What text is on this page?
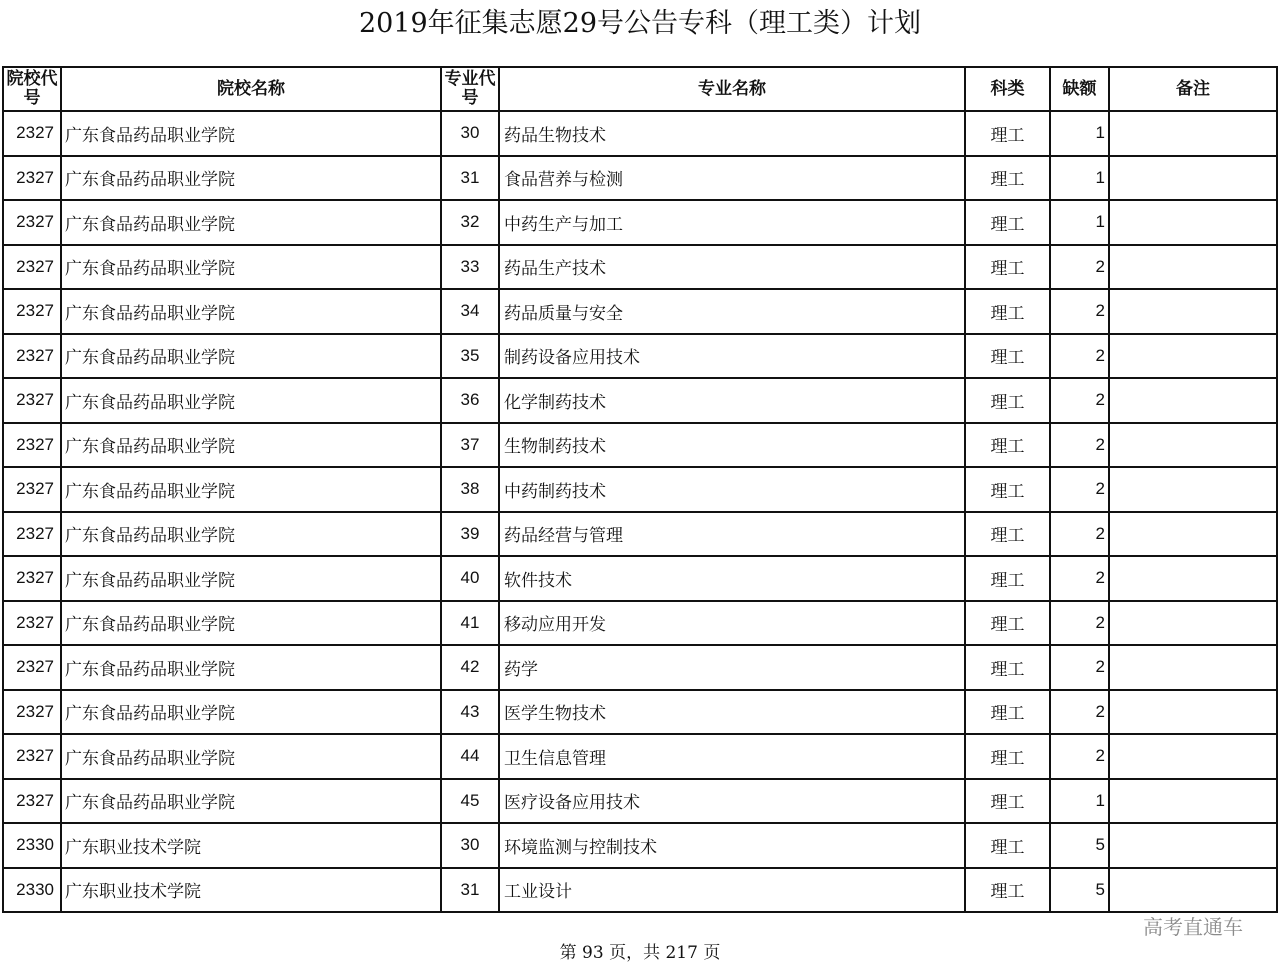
2019年征集志愿29号公告专科（理工类）计划
院校代号	院校名称	专业代号	专业名称	科类	缺额	备注
2327	广东食品药品职业学院	30	药品生物技术	理工	1	
2327	广东食品药品职业学院	31	食品营养与检测	理工	1	
2327	广东食品药品职业学院	32	中药生产与加工	理工	1	
2327	广东食品药品职业学院	33	药品生产技术	理工	2	
2327	广东食品药品职业学院	34	药品质量与安全	理工	2	
2327	广东食品药品职业学院	35	制药设备应用技术	理工	2	
2327	广东食品药品职业学院	36	化学制药技术	理工	2	
2327	广东食品药品职业学院	37	生物制药技术	理工	2	
2327	广东食品药品职业学院	38	中药制药技术	理工	2	
2327	广东食品药品职业学院	39	药品经营与管理	理工	2	
2327	广东食品药品职业学院	40	软件技术	理工	2	
2327	广东食品药品职业学院	41	移动应用开发	理工	2	
2327	广东食品药品职业学院	42	药学	理工	2	
2327	广东食品药品职业学院	43	医学生物技术	理工	2	
2327	广东食品药品职业学院	44	卫生信息管理	理工	2	
2327	广东食品药品职业学院	45	医疗设备应用技术	理工	1	
2330	广东职业技术学院	30	环境监测与控制技术	理工	5	
2330	广东职业技术学院	31	工业设计	理工	5	
高考直通车
第 93 页，共 217 页
